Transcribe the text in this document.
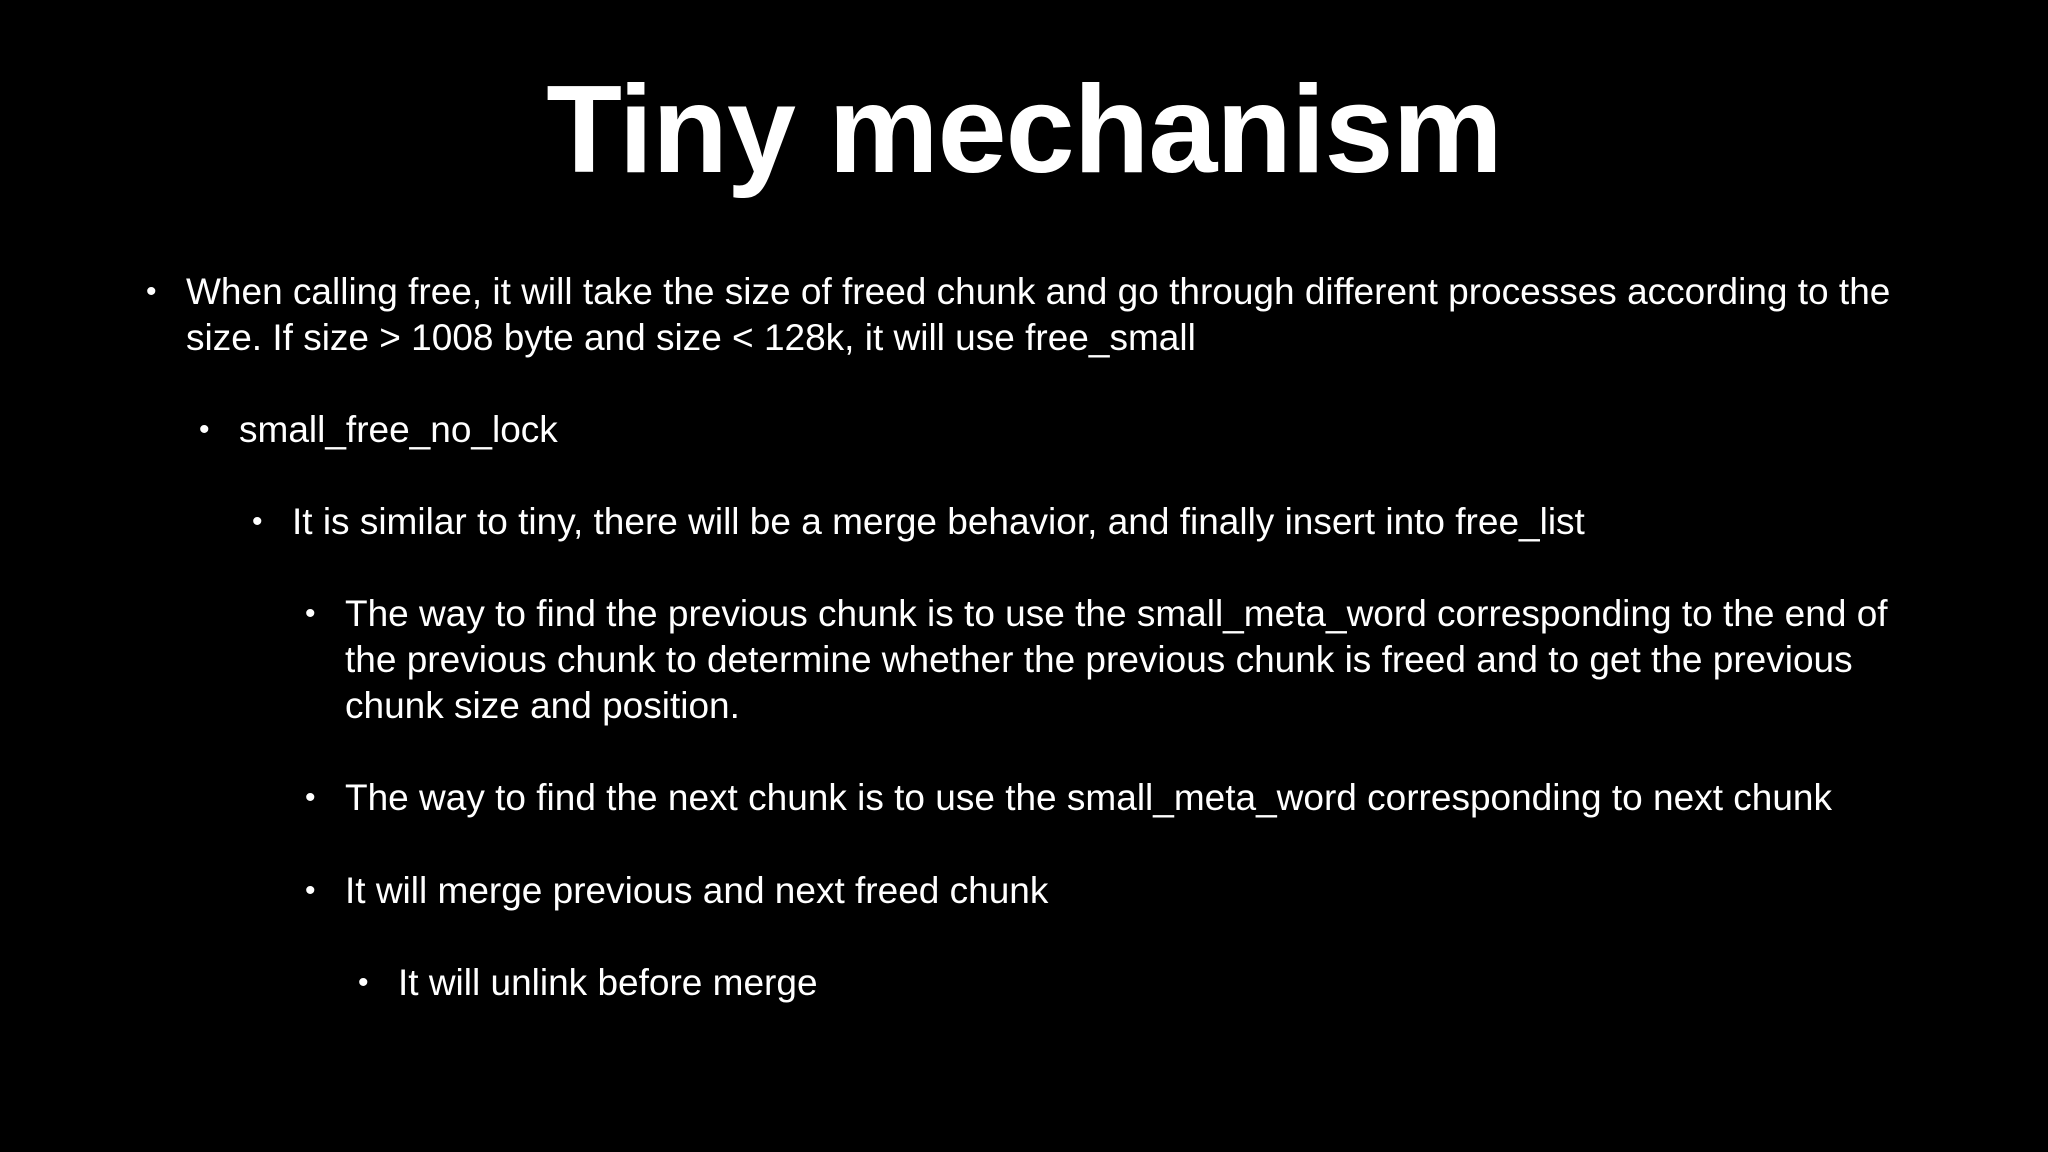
Tiny mechanism
• When calling free, it will take the size of freed chunk and go through different processes according to the size. If size > 1008 byte and size < 128k, it will use free_small
• small_free_no_lock
• It is similar to tiny, there will be a merge behavior, and finally insert into free_list
• The way to find the previous chunk is to use the small_meta_word corresponding to the end of the previous chunk to determine whether the previous chunk is freed and to get the previous chunk size and position.
• The way to find the next chunk is to use the small_meta_word corresponding to next chunk
• It will merge previous and next freed chunk
• It will unlink before merge
